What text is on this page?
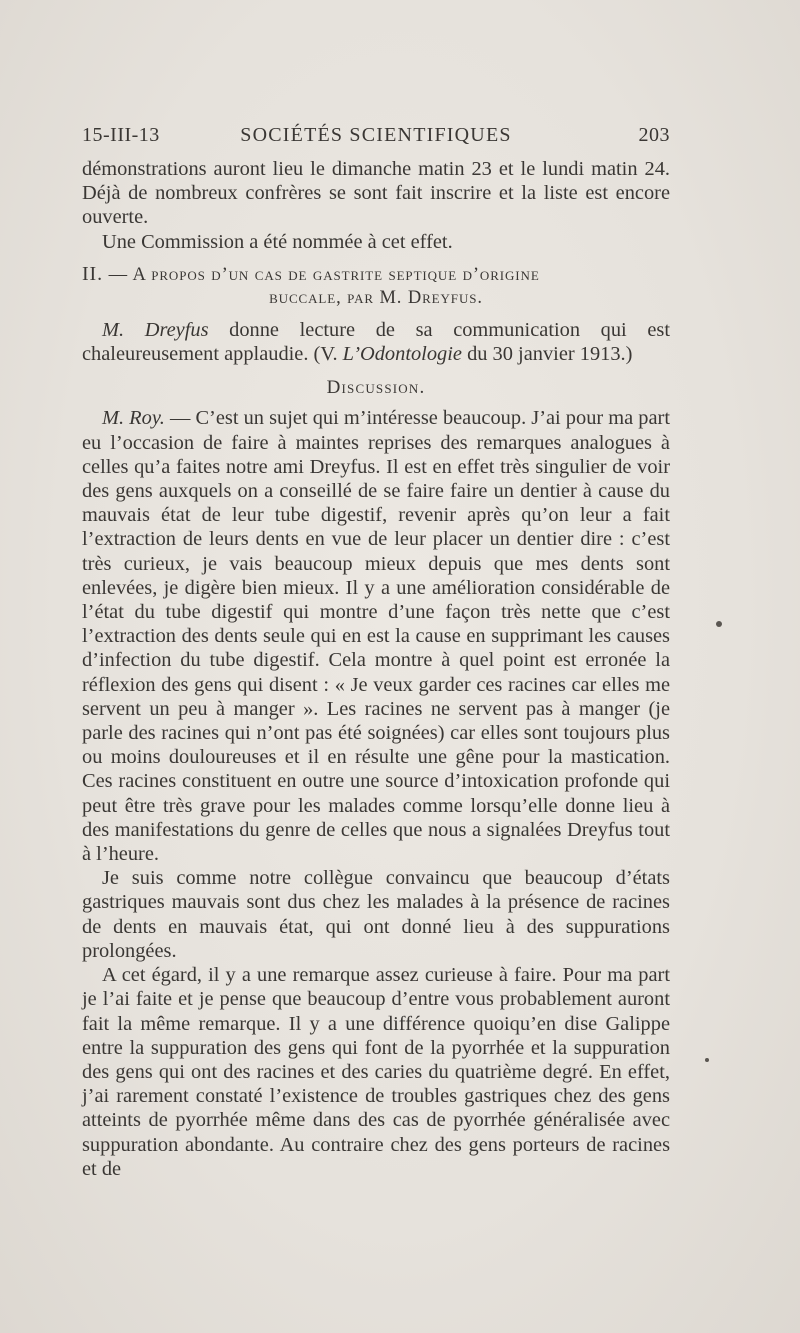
15-III-13	SOCIÉTÉS SCIENTIFIQUES	203

démonstrations auront lieu le dimanche matin 23 et le lundi matin 24. Déjà de nombreux confrères se sont fait inscrire et la liste est encore ouverte.

Une Commission a été nommée à cet effet.

II. — A propos d’un cas de gastrite septique d’origine
buccale, par M. Dreyfus.

M. Dreyfus donne lecture de sa communication qui est chaleureusement applaudie. (V. L’Odontologie du 30 janvier 1913.)

Discussion.

M. Roy. — C’est un sujet qui m’intéresse beaucoup. J’ai pour ma part eu l’occasion de faire à maintes reprises des remarques analogues à celles qu’a faites notre ami Dreyfus. Il est en effet très singulier de voir des gens auxquels on a conseillé de se faire faire un dentier à cause du mauvais état de leur tube digestif, revenir après qu’on leur a fait l’extraction de leurs dents en vue de leur placer un dentier dire : c’est très curieux, je vais beaucoup mieux depuis que mes dents sont enlevées, je digère bien mieux. Il y a une amélioration considérable de l’état du tube digestif qui montre d’une façon très nette que c’est l’extraction des dents seule qui en est la cause en supprimant les causes d’infection du tube digestif. Cela montre à quel point est erronée la réflexion des gens qui disent : « Je veux garder ces racines car elles me servent un peu à manger ». Les racines ne servent pas à manger (je parle des racines qui n’ont pas été soignées) car elles sont toujours plus ou moins douloureuses et il en résulte une gêne pour la mastication. Ces racines constituent en outre une source d’intoxication profonde qui peut être très grave pour les malades comme lorsqu’elle donne lieu à des manifestations du genre de celles que nous a signalées Dreyfus tout à l’heure.

Je suis comme notre collègue convaincu que beaucoup d’états gastriques mauvais sont dus chez les malades à la présence de racines de dents en mauvais état, qui ont donné lieu à des suppurations prolongées.

A cet égard, il y a une remarque assez curieuse à faire. Pour ma part je l’ai faite et je pense que beaucoup d’entre vous probablement auront fait la même remarque. Il y a une différence quoiqu’en dise Galippe entre la suppuration des gens qui font de la pyorrhée et la suppuration des gens qui ont des racines et des caries du quatrième degré. En effet, j’ai rarement constaté l’existence de troubles gastriques chez des gens atteints de pyorrhée même dans des cas de pyorrhée généralisée avec suppuration abondante. Au contraire chez des gens porteurs de racines et de
